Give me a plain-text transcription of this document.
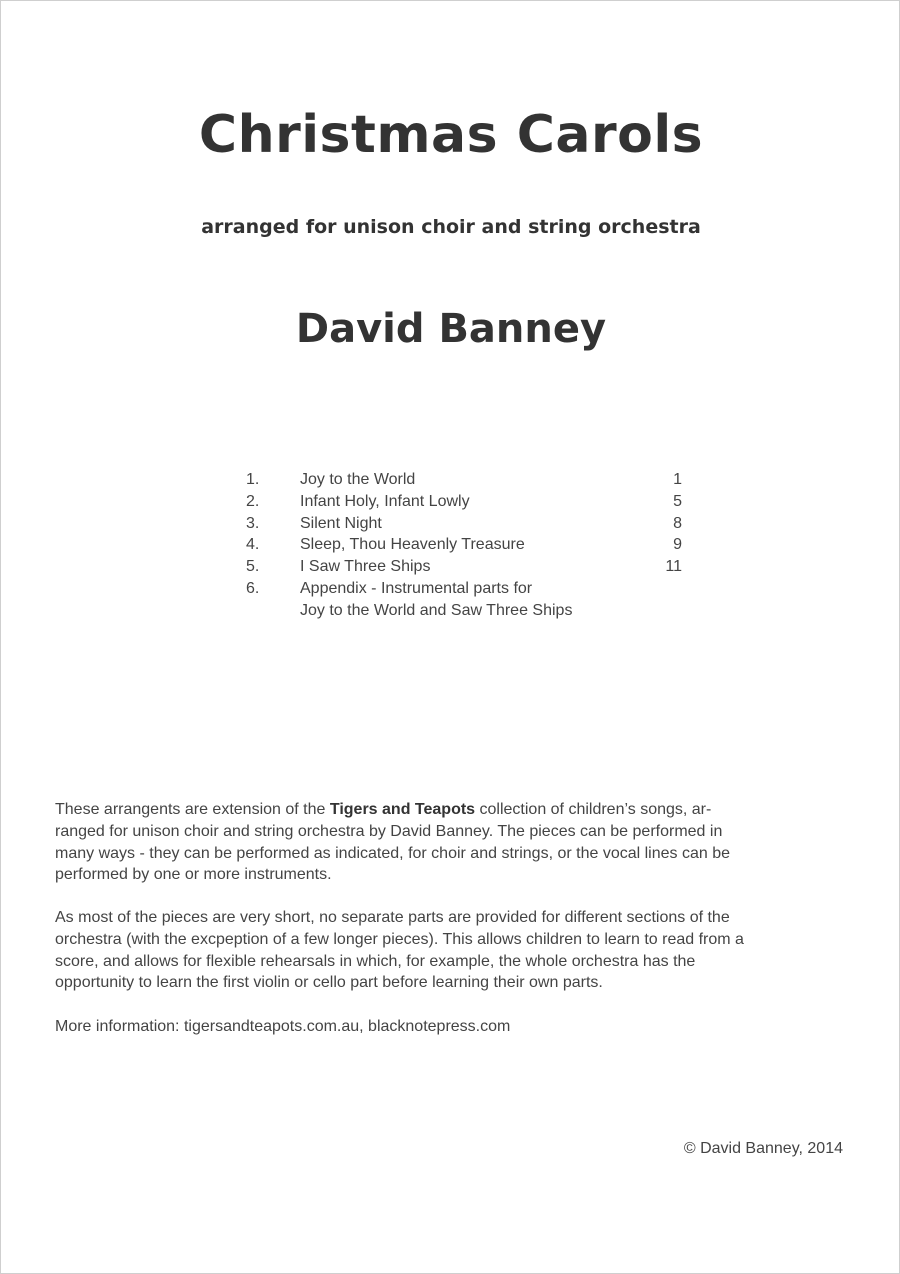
Christmas Carols
arranged for unison choir and string orchestra
David Banney
1.	Joy to the World	1
2.	Infant Holy, Infant Lowly	5
3.	Silent Night	8
4.	Sleep, Thou Heavenly Treasure	9
5.	I Saw Three Ships	11
6.	Appendix - Instrumental parts for
Joy to the World and Saw Three Ships
These arrangents are extension of the Tigers and Teapots collection of children’s songs, ar-
ranged for unison choir and string orchestra by David Banney. The pieces can be performed in
many ways - they can be performed as indicated, for choir and strings, or the vocal lines can be
performed by one or more instruments.
As most of the pieces are very short, no separate parts are provided for different sections of the
orchestra (with the excpeption of a few longer pieces). This allows children to learn to read from a
score, and allows for flexible rehearsals in which, for example, the whole orchestra has the
opportunity to learn the first violin or cello part before learning their own parts.
More information: tigersandteapots.com.au, blacknotepress.com
© David Banney, 2014
